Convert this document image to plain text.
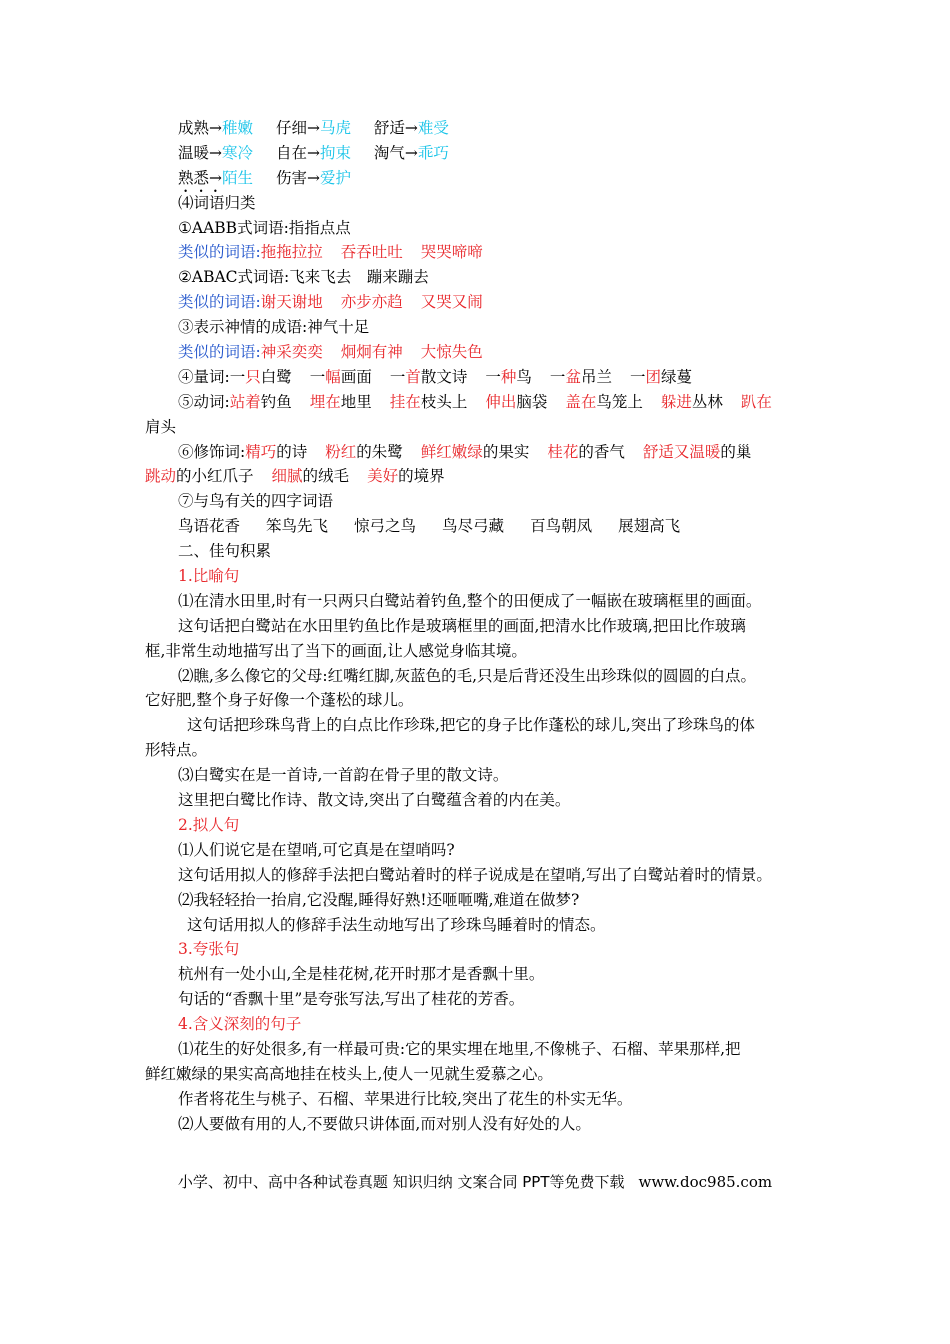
成熟→稚嫩 仔细→马虎 舒适→难受
温暖→寒冷 自在→拘束 淘气→乖巧
熟悉→陌生 伤害→爱护
⑷词语归类
①AABB式词语:指指点点
类似的词语:拖拖拉拉 吞吞吐吐 哭哭啼啼
②ABAC式词语:飞来飞去　蹦来蹦去
类似的词语:谢天谢地 亦步亦趋 又哭又闹
③表示神情的成语:神气十足
类似的词语:神采奕奕 炯炯有神 大惊失色
④量词:一只白鹭 一幅画面 一首散文诗 一种鸟 一盆吊兰 一团绿蔓
⑤动词:站着钓鱼 埋在地里 挂在枝头上 伸出脑袋 盖在鸟笼上 躲进丛林 趴在
肩头
⑥修饰词:精巧的诗 粉红的朱鹭 鲜红嫩绿的果实 桂花的香气 舒适又温暖的巢
跳动的小红爪子 细腻的绒毛 美好的境界
⑦与鸟有关的四字词语
鸟语花香 笨鸟先飞 惊弓之鸟 鸟尽弓藏 百鸟朝凤 展翅高飞
二、佳句积累
1.比喻句
⑴在清水田里,时有一只两只白鹭站着钓鱼,整个的田便成了一幅嵌在玻璃框里的画面。
这句话把白鹭站在水田里钓鱼比作是玻璃框里的画面,把清水比作玻璃,把田比作玻璃
框,非常生动地描写出了当下的画面,让人感觉身临其境。
⑵瞧,多么像它的父母:红嘴红脚,灰蓝色的毛,只是后背还没生出珍珠似的圆圆的白点。
它好肥,整个身子好像一个蓬松的球儿。
这句话把珍珠鸟背上的白点比作珍珠,把它的身子比作蓬松的球儿,突出了珍珠鸟的体
形特点。
⑶白鹭实在是一首诗,一首韵在骨子里的散文诗。
这里把白鹭比作诗、散文诗,突出了白鹭蕴含着的内在美。
2.拟人句
⑴人们说它是在望哨,可它真是在望哨吗?
这句话用拟人的修辞手法把白鹭站着时的样子说成是在望哨,写出了白鹭站着时的情景。
⑵我轻轻抬一抬肩,它没醒,睡得好熟!还咂咂嘴,难道在做梦?
这句话用拟人的修辞手法生动地写出了珍珠鸟睡着时的情态。
3.夸张句
杭州有一处小山,全是桂花树,花开时那才是香飘十里。
句话的“香飘十里”是夸张写法,写出了桂花的芳香。
4.含义深刻的句子
⑴花生的好处很多,有一样最可贵:它的果实埋在地里,不像桃子、石榴、苹果那样,把
鲜红嫩绿的果实高高地挂在枝头上,使人一见就生爱慕之心。
作者将花生与桃子、石榴、苹果进行比较,突出了花生的朴实无华。
⑵人要做有用的人,不要做只讲体面,而对别人没有好处的人。
小学、初中、高中各种试卷真题 知识归纳 文案合同 PPT等免费下载 www.doc985.com
